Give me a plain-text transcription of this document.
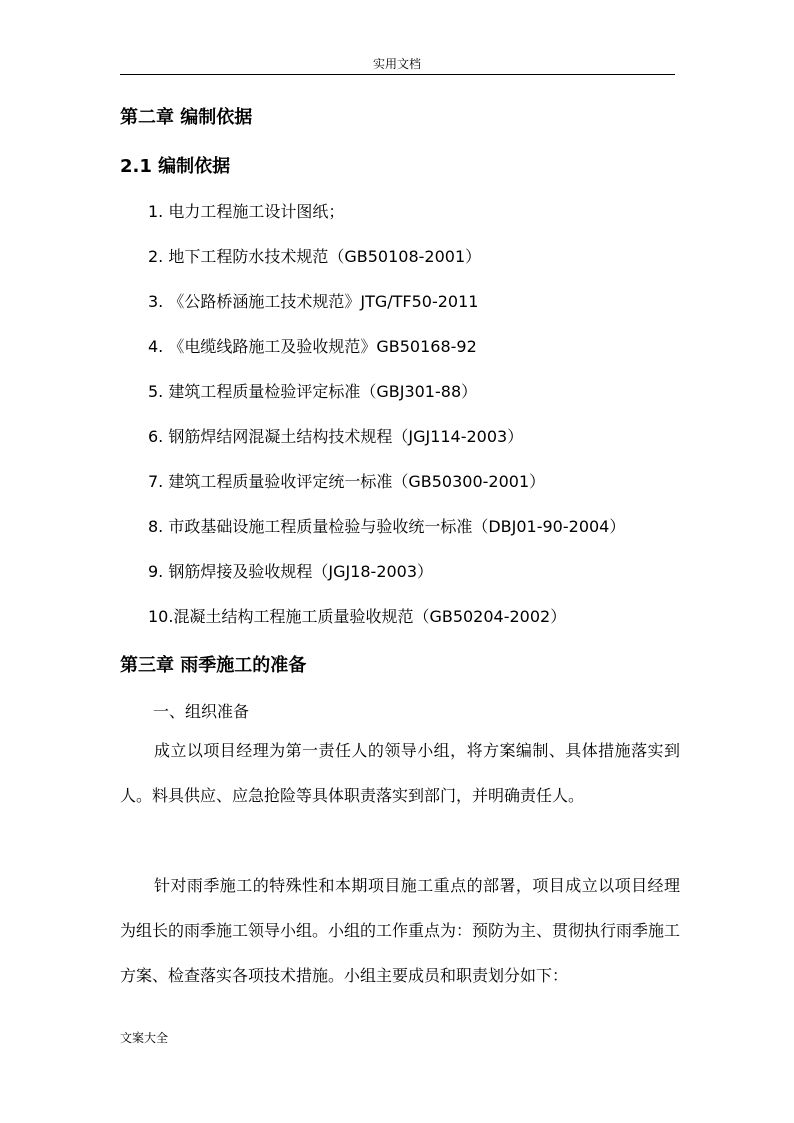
实用文档
第二章 编制依据
2.1 编制依据
1. 电力工程施工设计图纸；
2. 地下工程防水技术规范（GB50108-2001）
3. 《公路桥涵施工技术规范》JTG/TF50-2011
4. 《电缆线路施工及验收规范》GB50168-92
5. 建筑工程质量检验评定标准（GBJ301-88）
6. 钢筋焊结网混凝土结构技术规程（JGJ114-2003）
7. 建筑工程质量验收评定统一标准（GB50300-2001）
8. 市政基础设施工程质量检验与验收统一标准（DBJ01-90-2004）
9. 钢筋焊接及验收规程（JGJ18-2003）
10.混凝土结构工程施工质量验收规范（GB50204-2002）
第三章 雨季施工的准备
一、组织准备

成立以项目经理为第一责任人的领导小组，将方案编制、具体措施落实到人。料具供应、应急抢险等具体职责落实到部门，并明确责任人。

针对雨季施工的特殊性和本期项目施工重点的部署，项目成立以项目经理为组长的雨季施工领导小组。小组的工作重点为：预防为主、贯彻执行雨季施工方案、检查落实各项技术措施。小组主要成员和职责划分如下：

文案大全
